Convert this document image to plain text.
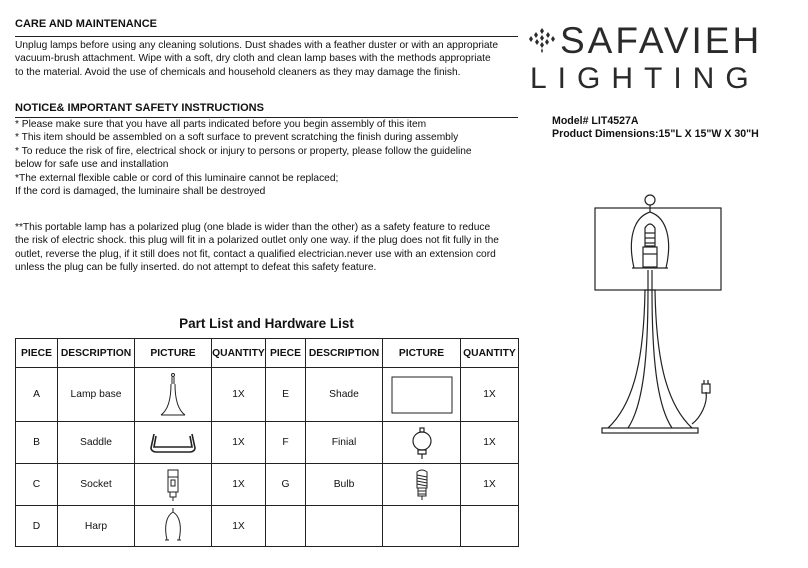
CARE AND MAINTENANCE
Unplug lamps before using any cleaning solutions. Dust shades with a feather duster or with an appropriate
vacuum-brush attachment. Wipe with a soft, dry cloth and clean lamp bases with the methods appropriate
to the material. Avoid the use of chemicals and household cleaners as they may damage the finish.
NOTICE& IMPORTANT SAFETY INSTRUCTIONS
* Please make sure that you have all parts indicated before you begin assembly of this item
* This item should be assembled on a soft surface to prevent scratching the finish during assembly
* To reduce the risk of fire, electrical shock or injury to persons or property, please follow the guideline
below for safe use and installation
*The external flexible cable or cord of this luminaire cannot be replaced;
If the cord is damaged, the luminaire shall be destroyed
**This portable lamp has a polarized plug (one blade is wider than the other) as a safety feature to reduce
the risk of electric shock. this plug will fit in a polarized outlet only one way. if the plug does not fit fully in the
outlet, reverse the plug, if it still does not fit, contact a qualified electrician.never use with an extension cord
unless the plug can be fully inserted. do not attempt to defeat this safety feature.
SAFAVIEH
LIGHTING
Model# LIT4527A
Product Dimensions:15"L X 15"W X 30"H
Part List and Hardware List
PIECE	DESCRIPTION	PICTURE	QUANTITY	PIECE	DESCRIPTION	PICTURE	QUANTITY
A	Lamp base		1X	E	Shade		1X
B	Saddle		1X	F	Finial		1X
C	Socket		1X	G	Bulb		1X
D	Harp		1X				
